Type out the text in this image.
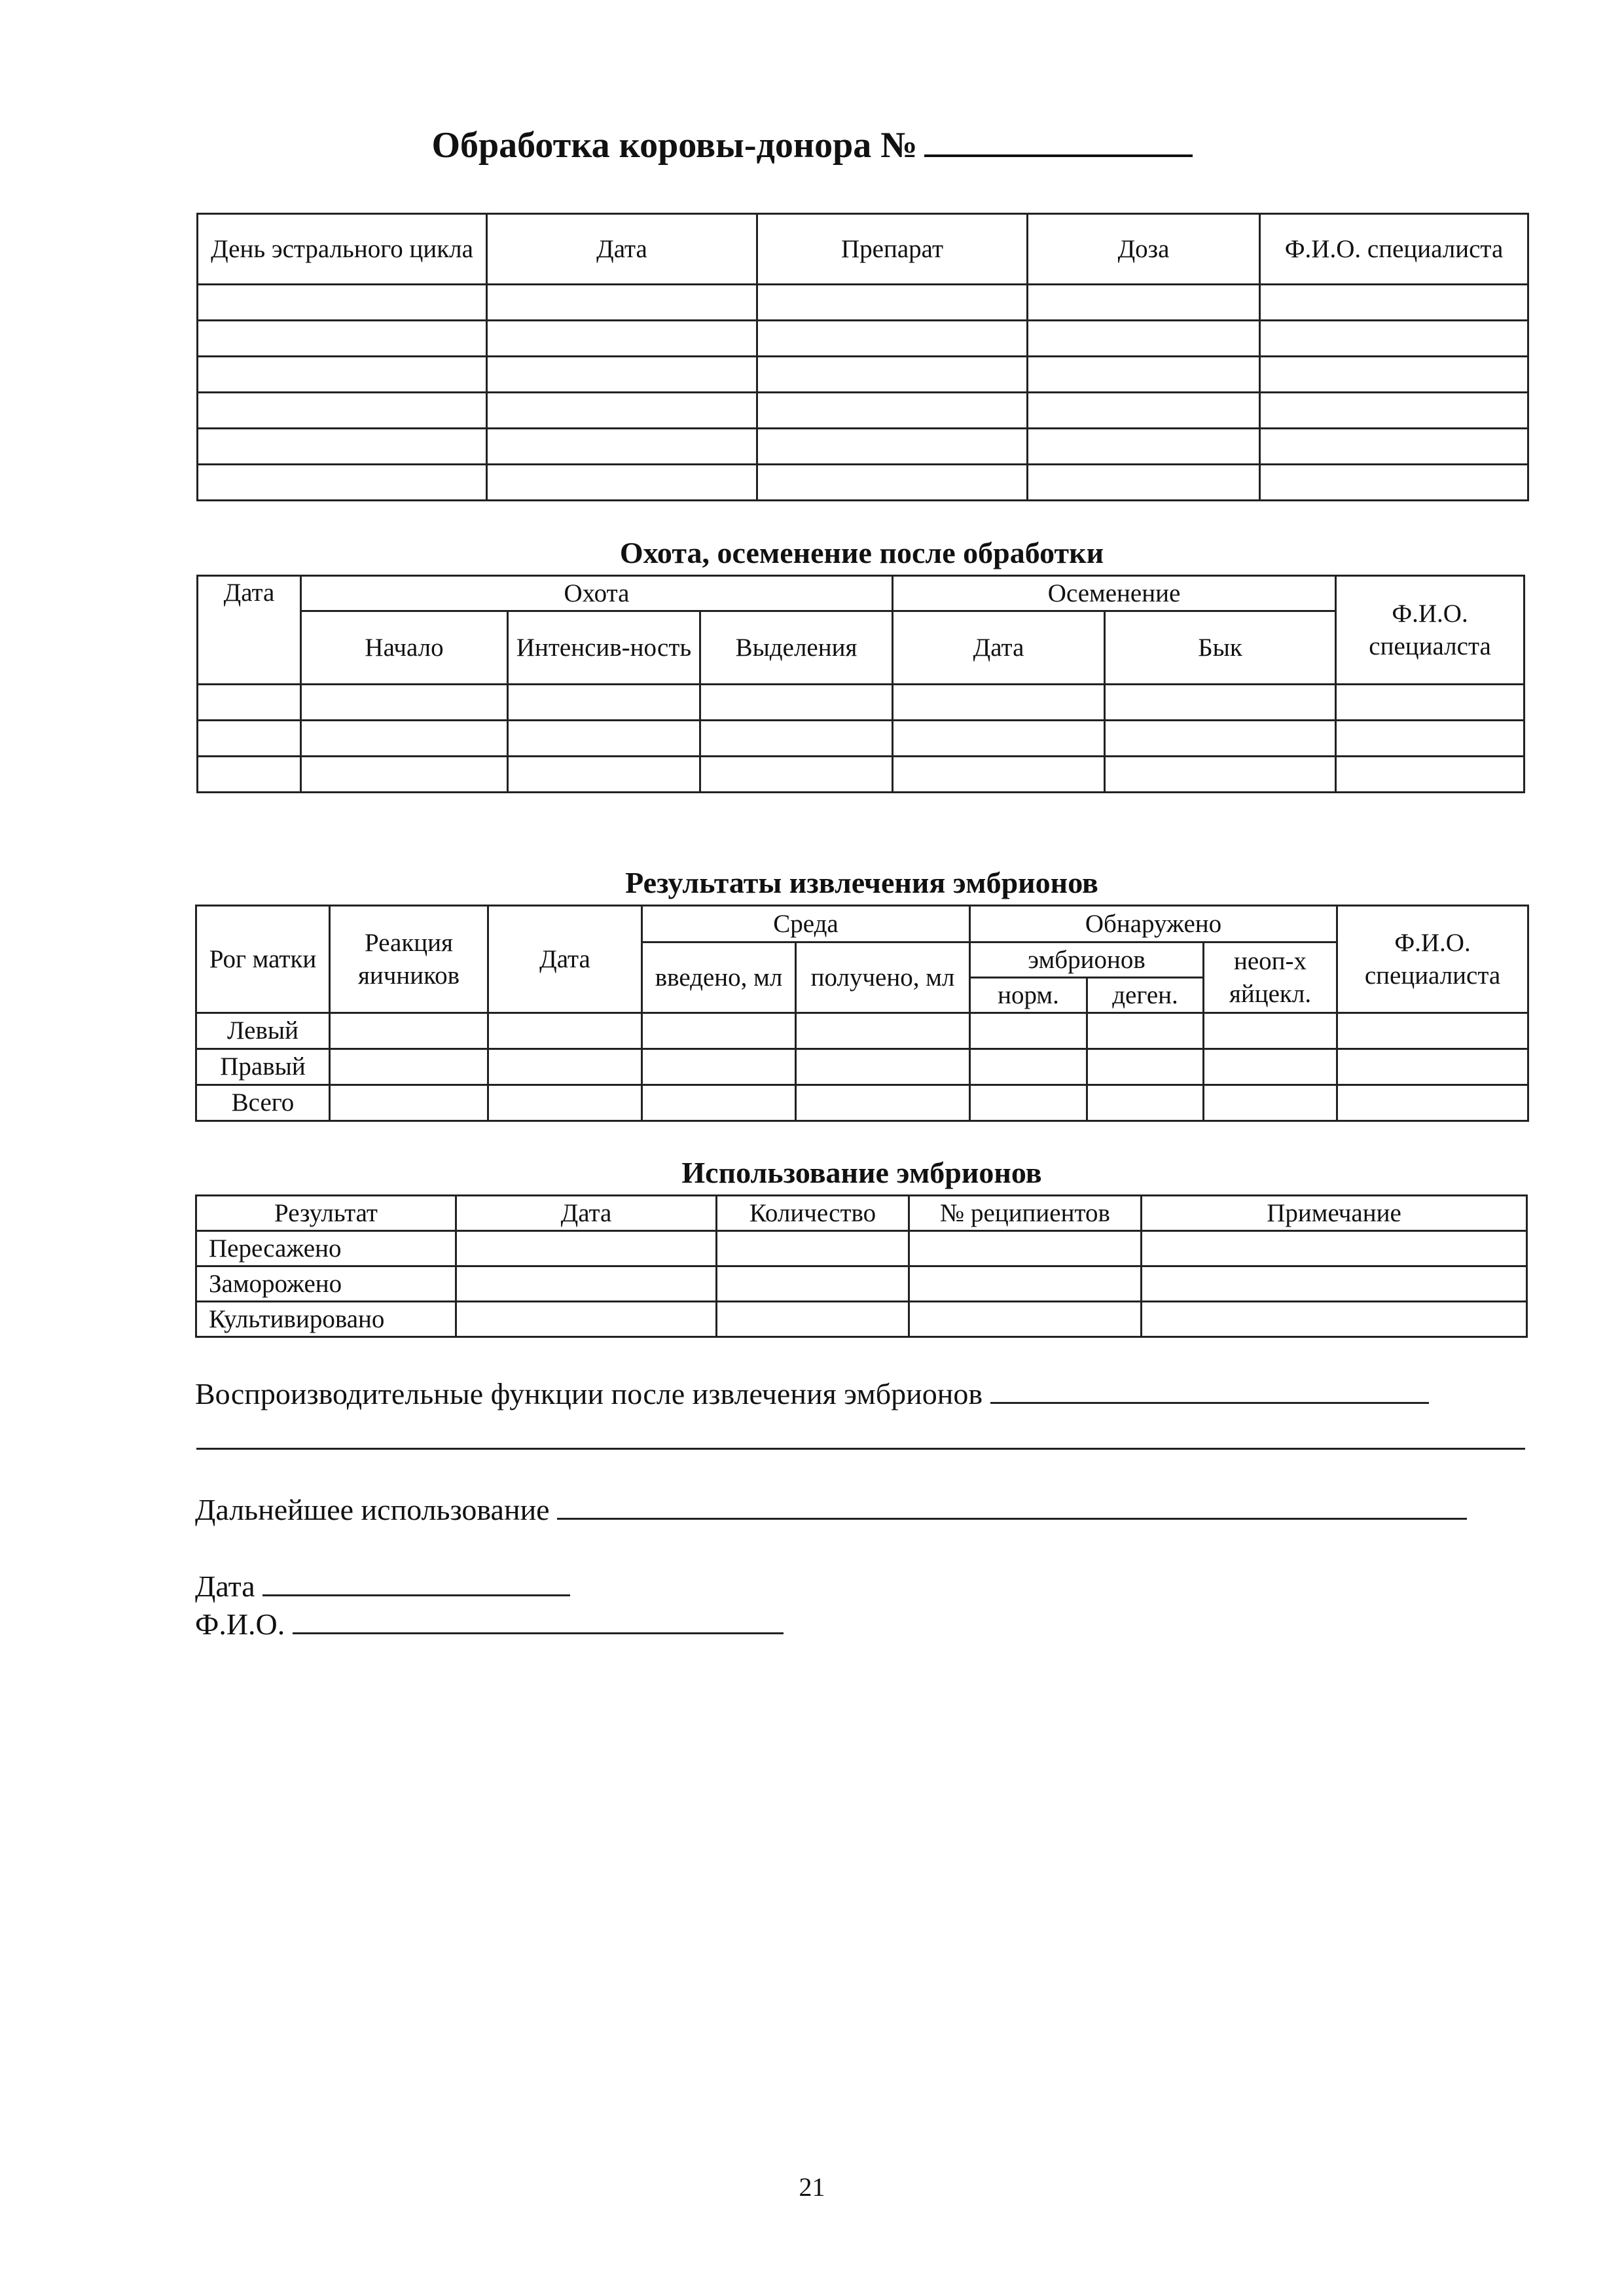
Обработка коровы-донора №
День эстрального цикла	Дата	Препарат	Доза	Ф.И.О. специалиста

Охота, осеменение после обработки
Дата	Охота			Осеменение		Ф.И.О. специалста
	Начало	Интенсив-ность	Выделения	Дата	Бык	

Результаты извлечения эмбрионов
Рог матки	Реакция яичников	Дата	Среда		Обнаружено			Ф.И.О. специалиста
			введено, мл	получено, мл	эмбрионов		неоп-х яйцекл.	
					норм.	деген.		
Левый								
Правый								
Всего								
Использование эмбрионов
Результат	Дата	Количество	№ реципиентов	Примечание
Пересажено				
Заморожено				
Культивировано				
Воспроизводительные функции после извлечения эмбрионов
Дальнейшее использование
Дата
Ф.И.О.
21
